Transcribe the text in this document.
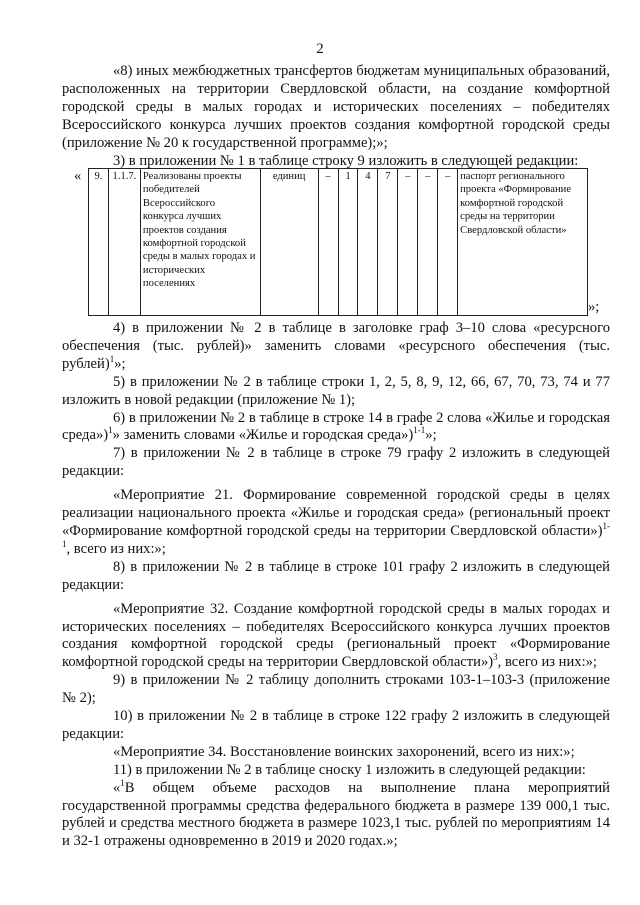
2

«8) иных межбюджетных трансфертов бюджетам муниципальных образований, расположенных на территории Свердловской области, на создание комфортной городской среды в малых городах и исторических поселениях – победителях Всероссийского конкурса лучших проектов создания комфортной городской среды (приложение № 20 к государственной программе);»;

3) в приложении № 1 в таблице строку 9 изложить в следующей редакции:

« 9.	1.1.7.	Реализованы проекты победителей Всероссийского конкурса лучших проектов создания комфортной городской среды в малых городах и исторических поселениях	единиц	–	1	4	7	–	–	–	паспорт регионального проекта «Формирование комфортной городской среды на территории Свердловской области»
»;

4) в приложении № 2 в таблице в заголовке граф 3–10 слова «ресурсного обеспечения (тыс. рублей)» заменить словами «ресурсного обеспечения (тыс. рублей)$^1$»;

5) в приложении № 2 в таблице строки 1, 2, 5, 8, 9, 12, 66, 67, 70, 73, 74 и 77 изложить в новой редакции (приложение № 1);

6) в приложении № 2 в таблице в строке 14 в графе 2 слова «Жилье и городская среда»)$^1$» заменить словами «Жилье и городская среда»)$^{1-1}$»;

7) в приложении № 2 в таблице в строке 79 графу 2 изложить в следующей редакции:

«Мероприятие 21. Формирование современной городской среды в целях реализации национального проекта «Жилье и городская среда» (региональный проект «Формирование комфортной городской среды на территории Свердловской области»)$^{1-1}$, всего из них:»;

8) в приложении № 2 в таблице в строке 101 графу 2 изложить в следующей редакции:

«Мероприятие 32. Создание комфортной городской среды в малых городах и исторических поселениях – победителях Всероссийского конкурса лучших проектов создания комфортной городской среды (региональный проект «Формирование комфортной городской среды на территории Свердловской области»)$^3$, всего из них:»;

9) в приложении № 2 таблицу дополнить строками 103-1–103-3 (приложение № 2);

10) в приложении № 2 в таблице в строке 122 графу 2 изложить в следующей редакции:

«Мероприятие 34. Восстановление воинских захоронений, всего из них:»;

11) в приложении № 2 в таблице сноску 1 изложить в следующей редакции:

«$^1$В общем объеме расходов на выполнение плана мероприятий государственной программы средства федерального бюджета в размере 139 000,1 тыс. рублей и средства местного бюджета в размере 1023,1 тыс. рублей по мероприятиям 14 и 32-1 отражены одновременно в 2019 и 2020 годах.»;
